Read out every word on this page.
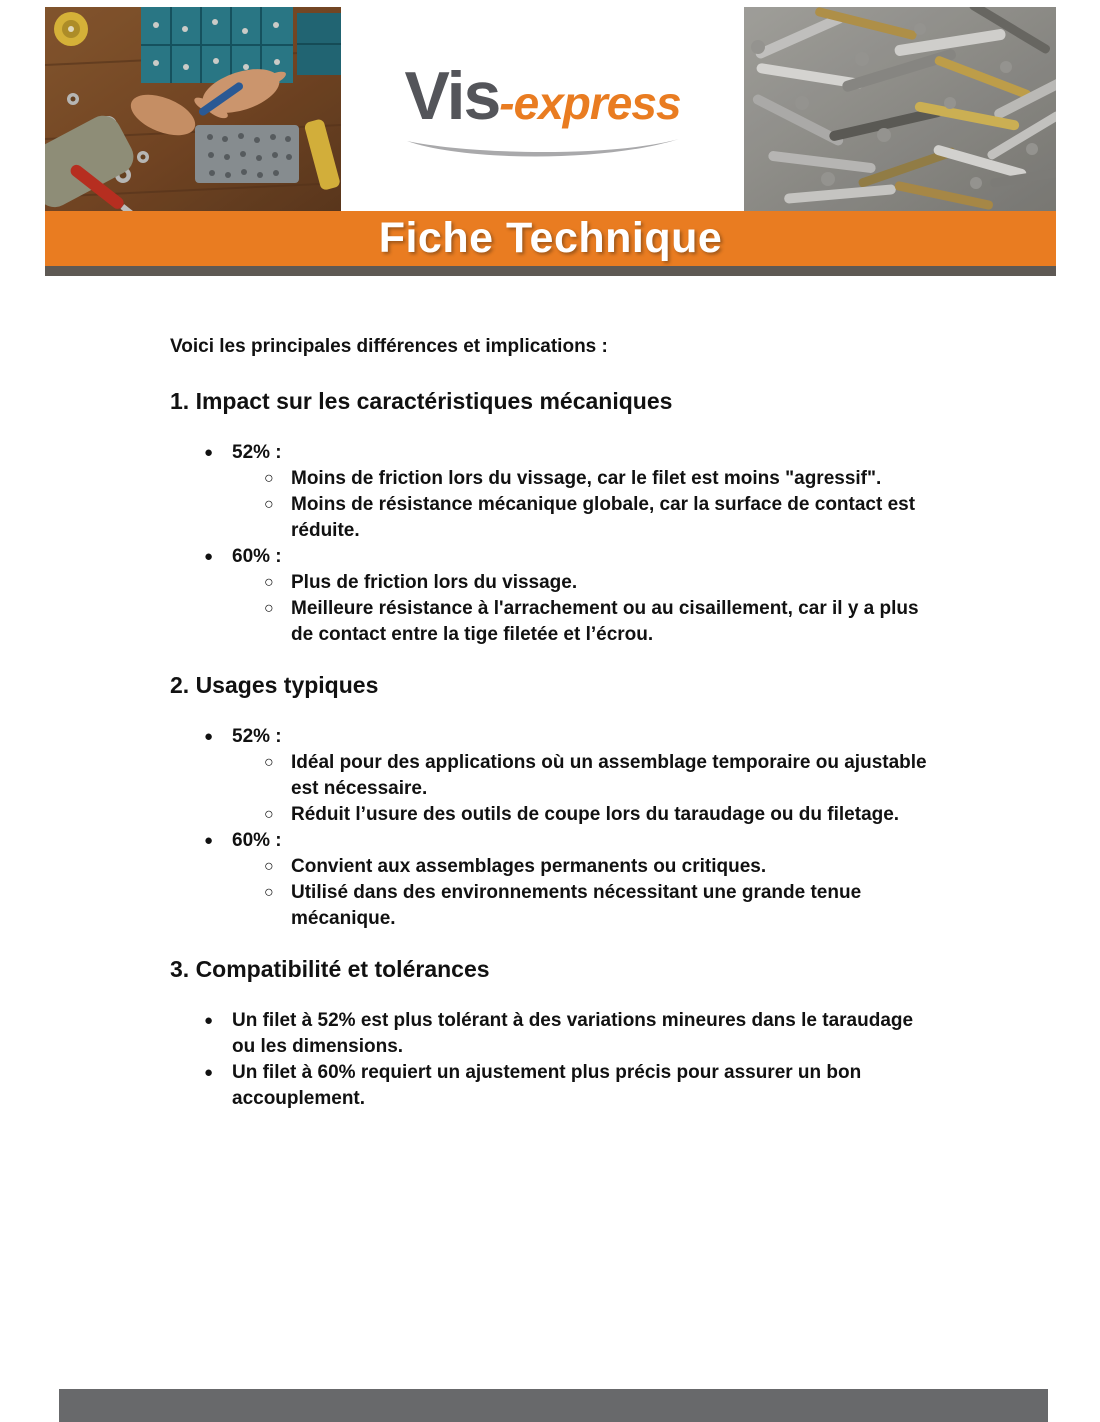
Vis -express
Fiche Technique

Voici les principales différences et implications :

1. Impact sur les caractéristiques mécaniques
● 52% :
○ Moins de friction lors du vissage, car le filet est moins "agressif".
○ Moins de résistance mécanique globale, car la surface de contact est réduite.
● 60% :
○ Plus de friction lors du vissage.
○ Meilleure résistance à l'arrachement ou au cisaillement, car il y a plus de contact entre la tige filetée et l’écrou.
2. Usages typiques
● 52% :
○ Idéal pour des applications où un assemblage temporaire ou ajustable est nécessaire.
○ Réduit l’usure des outils de coupe lors du taraudage ou du filetage.
● 60% :
○ Convient aux assemblages permanents ou critiques.
○ Utilisé dans des environnements nécessitant une grande tenue mécanique.
3. Compatibilité et tolérances
● Un filet à 52% est plus tolérant à des variations mineures dans le taraudage ou les dimensions.
● Un filet à 60% requiert un ajustement plus précis pour assurer un bon accouplement.
